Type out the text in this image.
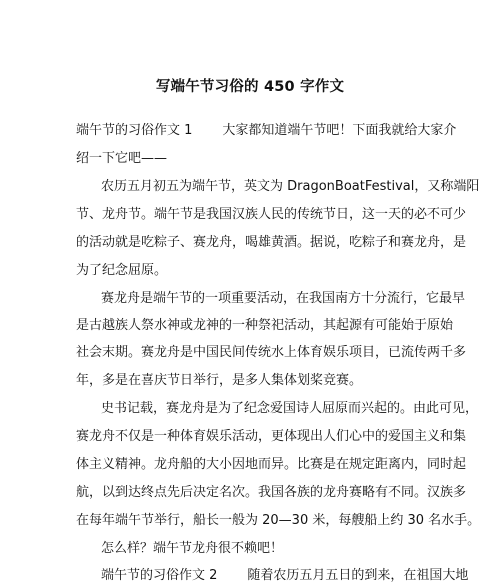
写端午节习俗的 450 字作文
端午节的习俗作文 1 大家都知道端午节吧！下面我就给大家介
绍一下它吧——
农历五月初五为端午节，英文为 DragonBoatFestival，又称端阳
节、龙舟节。端午节是我国汉族人民的传统节日，这一天的必不可少
的活动就是吃粽子、赛龙舟，喝雄黄酒。据说，吃粽子和赛龙舟，是
为了纪念屈原。
赛龙舟是端午节的一项重要活动，在我国南方十分流行，它最早
是古越族人祭水神或龙神的一种祭祀活动，其起源有可能始于原始
社会末期。赛龙舟是中国民间传统水上体育娱乐项目，已流传两千多
年，多是在喜庆节日举行，是多人集体划桨竞赛。
史书记载，赛龙舟是为了纪念爱国诗人屈原而兴起的。由此可见，
赛龙舟不仅是一种体育娱乐活动，更体现出人们心中的爱国主义和集
体主义精神。龙舟船的大小因地而异。比赛是在规定距离内，同时起
航，以到达终点先后决定名次。我国各族的龙舟赛略有不同。汉族多
在每年端午节举行，船长一般为 20—30 米，每艘船上约 30 名水手。
怎么样？端午节龙舟很不赖吧！
端午节的习俗作文 2 随着农历五月五日的到来，在祖国大地
